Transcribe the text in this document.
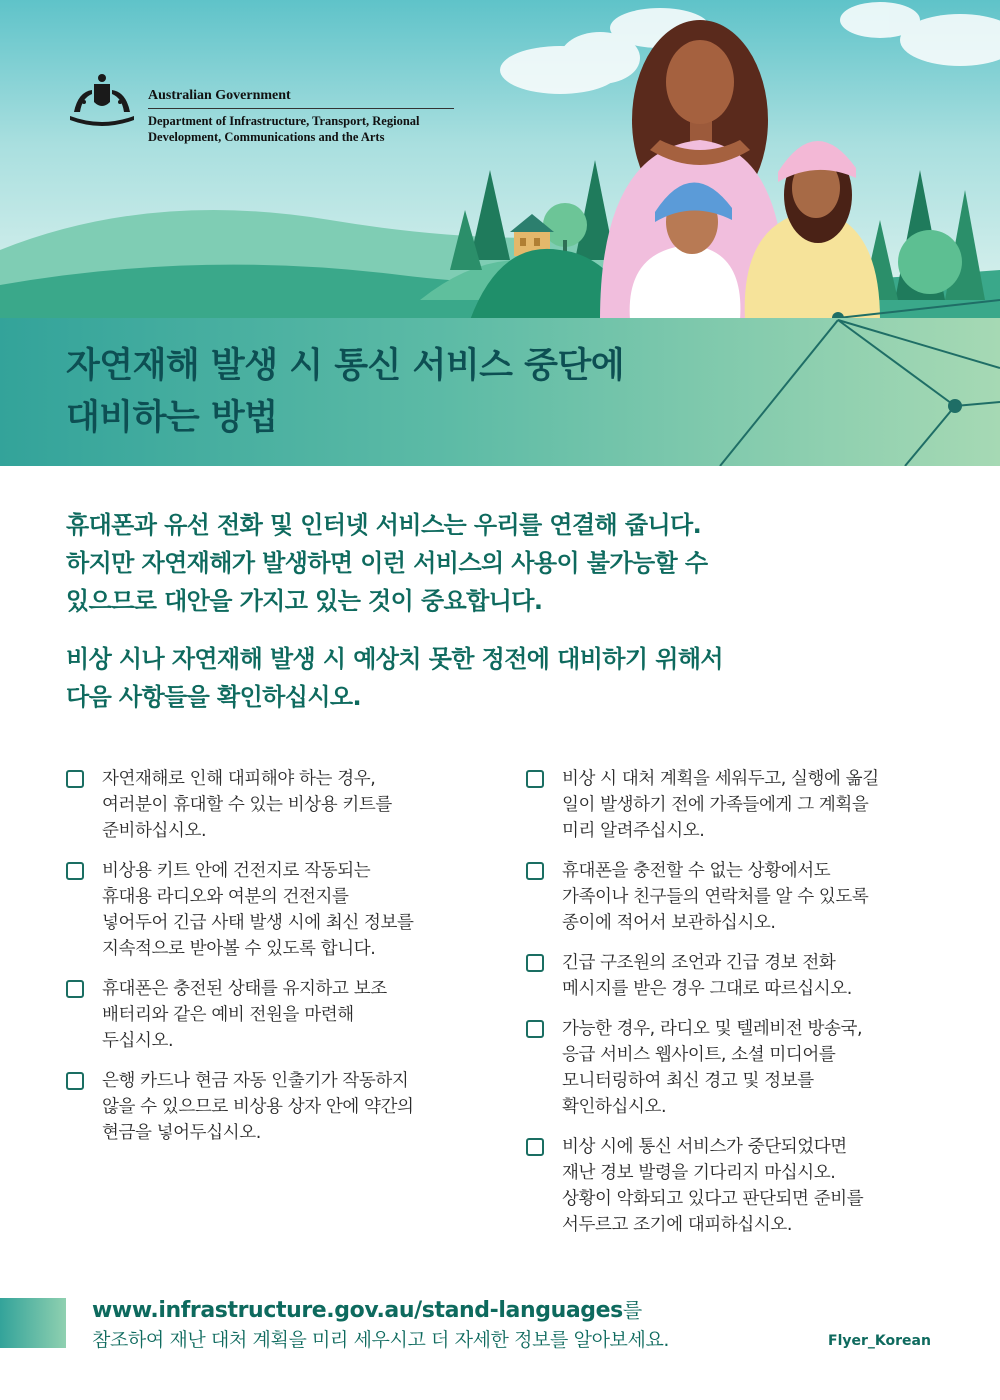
Australian Government
Department of Infrastructure, Transport, Regional Development, Communications and the Arts
자연재해 발생 시 통신 서비스 중단에
대비하는 방법

휴대폰과 유선 전화 및 인터넷 서비스는 우리를 연결해 줍니다.
하지만 자연재해가 발생하면 이런 서비스의 사용이 불가능할 수
있으므로 대안을 가지고 있는 것이 중요합니다.

비상 시나 자연재해 발생 시 예상치 못한 정전에 대비하기 위해서
다음 사항들을 확인하십시오.

자연재해로 인해 대피해야 하는 경우,
여러분이 휴대할 수 있는 비상용 키트를
준비하십시오.
비상용 키트 안에 건전지로 작동되는
휴대용 라디오와 여분의 건전지를
넣어두어 긴급 사태 발생 시에 최신 정보를
지속적으로 받아볼 수 있도록 합니다.
휴대폰은 충전된 상태를 유지하고 보조
배터리와 같은 예비 전원을 마련해
두십시오.
은행 카드나 현금 자동 인출기가 작동하지
않을 수 있으므로 비상용 상자 안에 약간의
현금을 넣어두십시오.
비상 시 대처 계획을 세워두고, 실행에 옮길
일이 발생하기 전에 가족들에게 그 계획을
미리 알려주십시오.
휴대폰을 충전할 수 없는 상황에서도
가족이나 친구들의 연락처를 알 수 있도록
종이에 적어서 보관하십시오.
긴급 구조원의 조언과 긴급 경보 전화
메시지를 받은 경우 그대로 따르십시오.
가능한 경우, 라디오 및 텔레비전 방송국,
응급 서비스 웹사이트, 소셜 미디어를
모니터링하여 최신 경고 및 정보를
확인하십시오.
비상 시에 통신 서비스가 중단되었다면
재난 경보 발령을 기다리지 마십시오.
상황이 악화되고 있다고 판단되면 준비를
서두르고 조기에 대피하십시오.
www.infrastructure.gov.au/stand-languages를
참조하여 재난 대처 계획을 미리 세우시고 더 자세한 정보를 알아보세요.	Flyer_Korean
